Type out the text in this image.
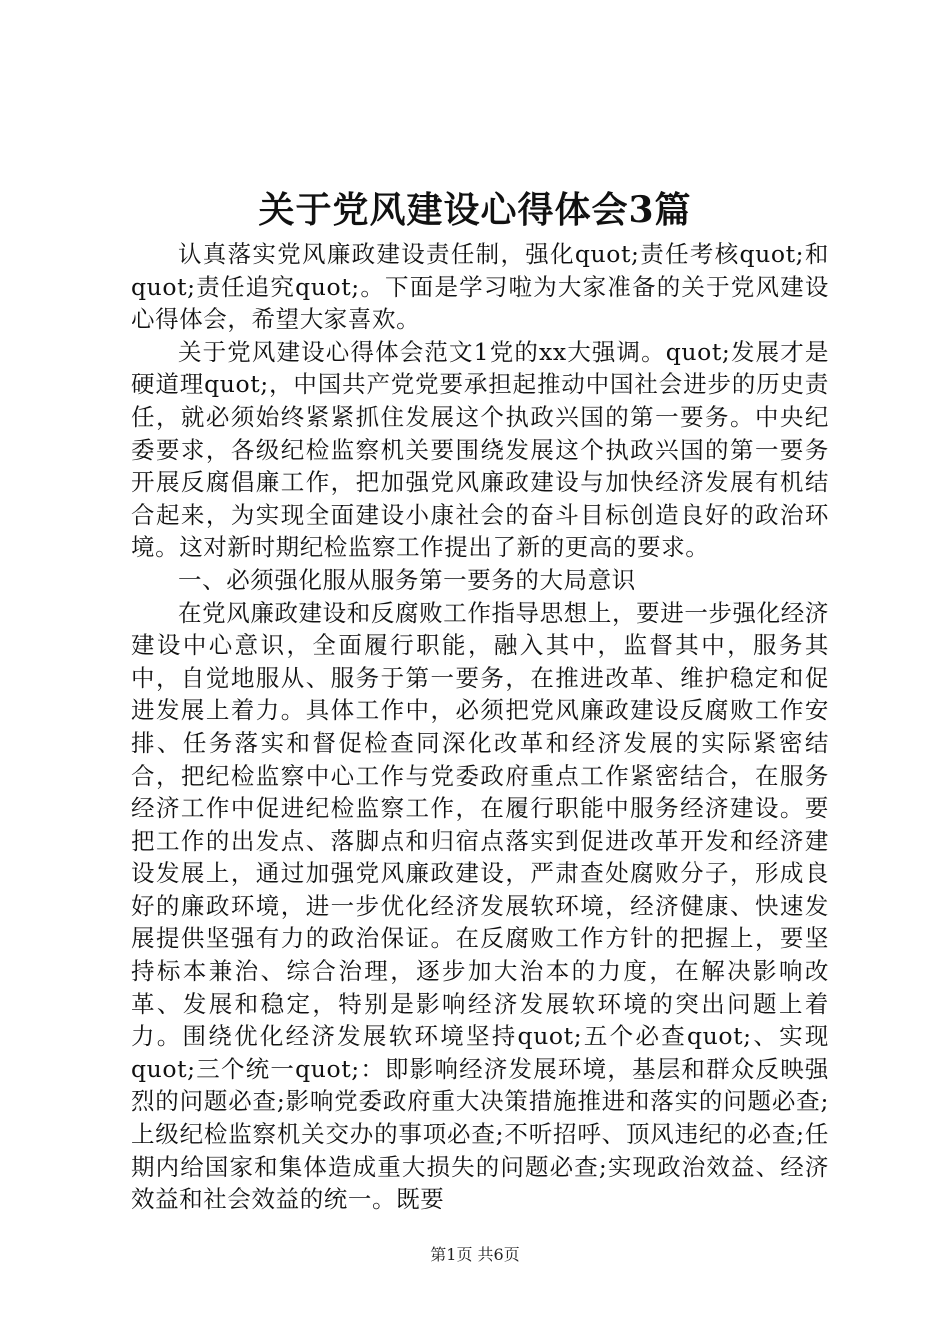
关于党风建设心得体会3篇

认真落实党风廉政建设责任制，强化quot;责任考核quot;和quot;责任追究quot;。下面是学习啦为大家准备的关于党风建设心得体会，希望大家喜欢。

关于党风建设心得体会范文1党的xx大强调。quot;发展才是硬道理quot;，中国共产党党要承担起推动中国社会进步的历史责任，就必须始终紧紧抓住发展这个执政兴国的第一要务。中央纪委要求，各级纪检监察机关要围绕发展这个执政兴国的第一要务开展反腐倡廉工作，把加强党风廉政建设与加快经济发展有机结合起来，为实现全面建设小康社会的奋斗目标创造良好的政治环境。这对新时期纪检监察工作提出了新的更高的要求。

一、必须强化服从服务第一要务的大局意识

在党风廉政建设和反腐败工作指导思想上，要进一步强化经济建设中心意识，全面履行职能，融入其中，监督其中，服务其中，自觉地服从、服务于第一要务，在推进改革、维护稳定和促进发展上着力。具体工作中，必须把党风廉政建设反腐败工作安排、任务落实和督促检查同深化改革和经济发展的实际紧密结合，把纪检监察中心工作与党委政府重点工作紧密结合，在服务经济工作中促进纪检监察工作，在履行职能中服务经济建设。要把工作的出发点、落脚点和归宿点落实到促进改革开发和经济建设发展上，通过加强党风廉政建设，严肃查处腐败分子，形成良好的廉政环境，进一步优化经济发展软环境，经济健康、快速发展提供坚强有力的政治保证。在反腐败工作方针的把握上，要坚持标本兼治、综合治理，逐步加大治本的力度，在解决影响改革、发展和稳定，特别是影响经济发展软环境的突出问题上着力。围绕优化经济发展软环境坚持quot;五个必查quot;、实现quot;三个统一quot;：即影响经济发展环境，基层和群众反映强烈的问题必查;影响党委政府重大决策措施推进和落实的问题必查;上级纪检监察机关交办的事项必查;不听招呼、顶风违纪的必查;任期内给国家和集体造成重大损失的问题必查;实现政治效益、经济效益和社会效益的统一。既要

第1页 共6页
